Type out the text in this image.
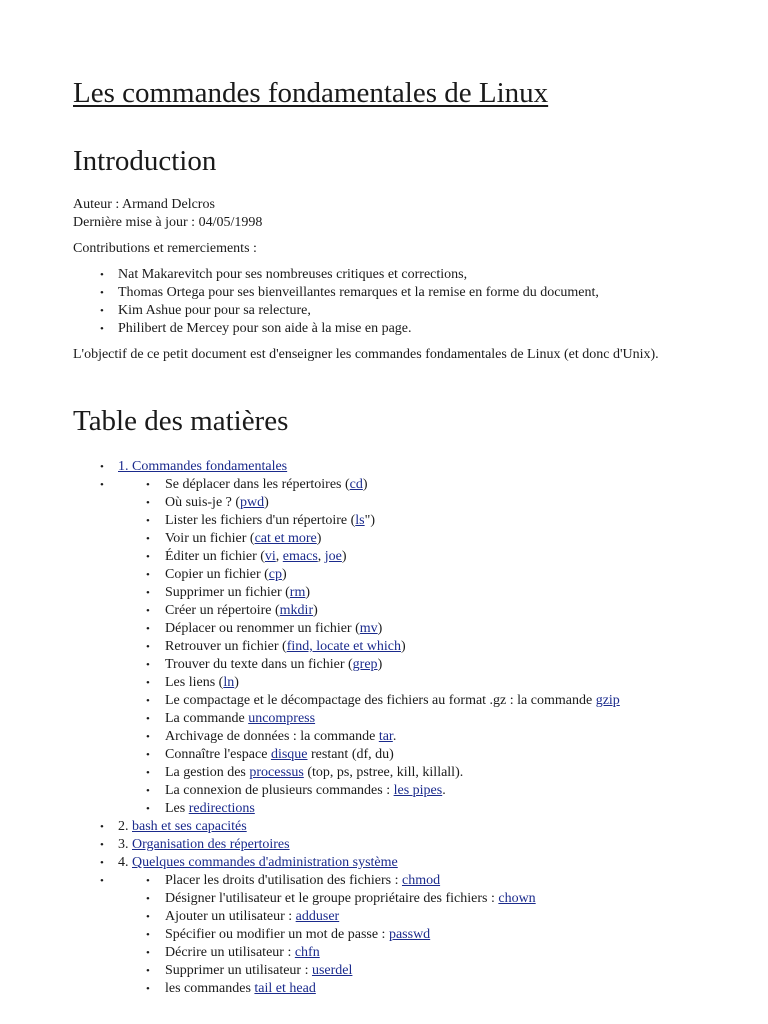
Les commandes fondamentales de Linux
Introduction
Auteur : Armand Delcros
Dernière mise à jour : 04/05/1998
Contributions et remerciements :
• Nat Makarevitch pour ses nombreuses critiques et corrections,
• Thomas Ortega pour ses bienveillantes remarques et la remise en forme du document,
• Kim Ashue pour pour sa relecture,
• Philibert de Mercey pour son aide à la mise en page.
L'objectif de ce petit document est d'enseigner les commandes fondamentales de Linux (et donc d'Unix).
Table des matières
• 1. Commandes fondamentales
• • Se déplacer dans les répertoires (cd)
• Où suis-je ? (pwd)
• Lister les fichiers d'un répertoire (ls")
• Voir un fichier (cat et more)
• Éditer un fichier (vi, emacs, joe)
• Copier un fichier (cp)
• Supprimer un fichier (rm)
• Créer un répertoire (mkdir)
• Déplacer ou renommer un fichier (mv)
• Retrouver un fichier (find, locate et which)
• Trouver du texte dans un fichier (grep)
• Les liens (ln)
• Le compactage et le décompactage des fichiers au format .gz : la commande gzip
• La commande uncompress
• Archivage de données : la commande tar.
• Connaître l'espace disque restant (df, du)
• La gestion des processus (top, ps, pstree, kill, killall).
• La connexion de plusieurs commandes : les pipes.
• Les redirections
• 2. bash et ses capacités
• 3. Organisation des répertoires
• 4. Quelques commandes d'administration système
• • Placer les droits d'utilisation des fichiers : chmod
• Désigner l'utilisateur et le groupe propriétaire des fichiers : chown
• Ajouter un utilisateur : adduser
• Spécifier ou modifier un mot de passe : passwd
• Décrire un utilisateur : chfn
• Supprimer un utilisateur : userdel
• les commandes tail et head
